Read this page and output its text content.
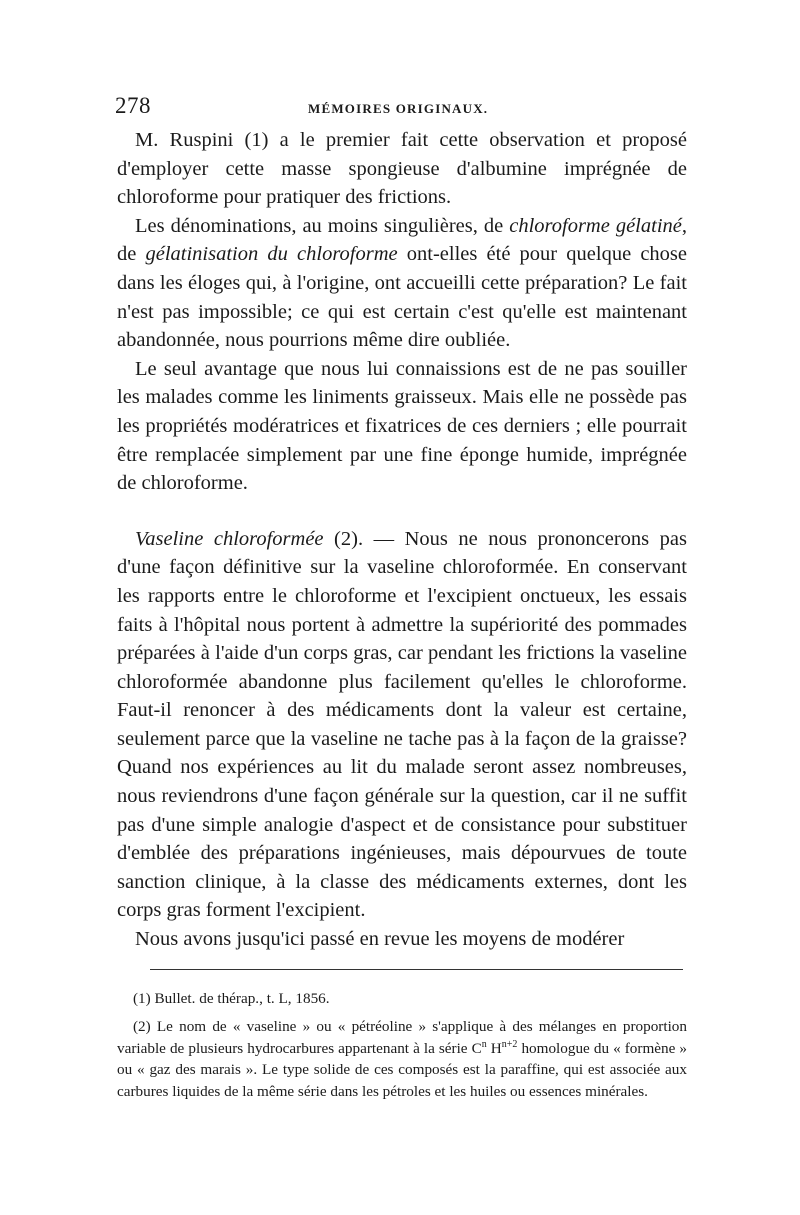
278	MÉMOIRES ORIGINAUX.

M. Ruspini (1) a le premier fait cette observation et proposé d'employer cette masse spongieuse d'albumine imprégnée de chloroforme pour pratiquer des frictions.

Les dénominations, au moins singulières, de chloroforme gélatiné, de gélatinisation du chloroforme ont-elles été pour quelque chose dans les éloges qui, à l'origine, ont accueilli cette préparation? Le fait n'est pas impossible; ce qui est certain c'est qu'elle est maintenant abandonnée, nous pourrions même dire oubliée.

Le seul avantage que nous lui connaissions est de ne pas souiller les malades comme les liniments graisseux. Mais elle ne possède pas les propriétés modératrices et fixatrices de ces derniers ; elle pourrait être remplacée simplement par une fine éponge humide, imprégnée de chloroforme.

Vaseline chloroformée (2). — Nous ne nous prononcerons pas d'une façon définitive sur la vaseline chloroformée. En conservant les rapports entre le chloroforme et l'excipient onctueux, les essais faits à l'hôpital nous portent à admettre la supériorité des pommades préparées à l'aide d'un corps gras, car pendant les frictions la vaseline chloroformée abandonne plus facilement qu'elles le chloroforme. Faut-il renoncer à des médicaments dont la valeur est certaine, seulement parce que la vaseline ne tache pas à la façon de la graisse? Quand nos expériences au lit du malade seront assez nombreuses, nous reviendrons d'une façon générale sur la question, car il ne suffit pas d'une simple analogie d'aspect et de consistance pour substituer d'emblée des préparations ingénieuses, mais dépourvues de toute sanction clinique, à la classe des médicaments externes, dont les corps gras forment l'excipient.

Nous avons jusqu'ici passé en revue les moyens de modérer

(1) Bullet. de thérap., t. L, 1856.

(2) Le nom de « vaseline » ou « pétréoline » s'applique à des mélanges en proportion variable de plusieurs hydrocarbures appartenant à la série $C^n$ $H^{n+2}$ homologue du « formène » ou « gaz des marais ». Le type solide de ces composés est la paraffine, qui est associée aux carbures liquides de la même série dans les pétroles et les huiles ou essences minérales.
